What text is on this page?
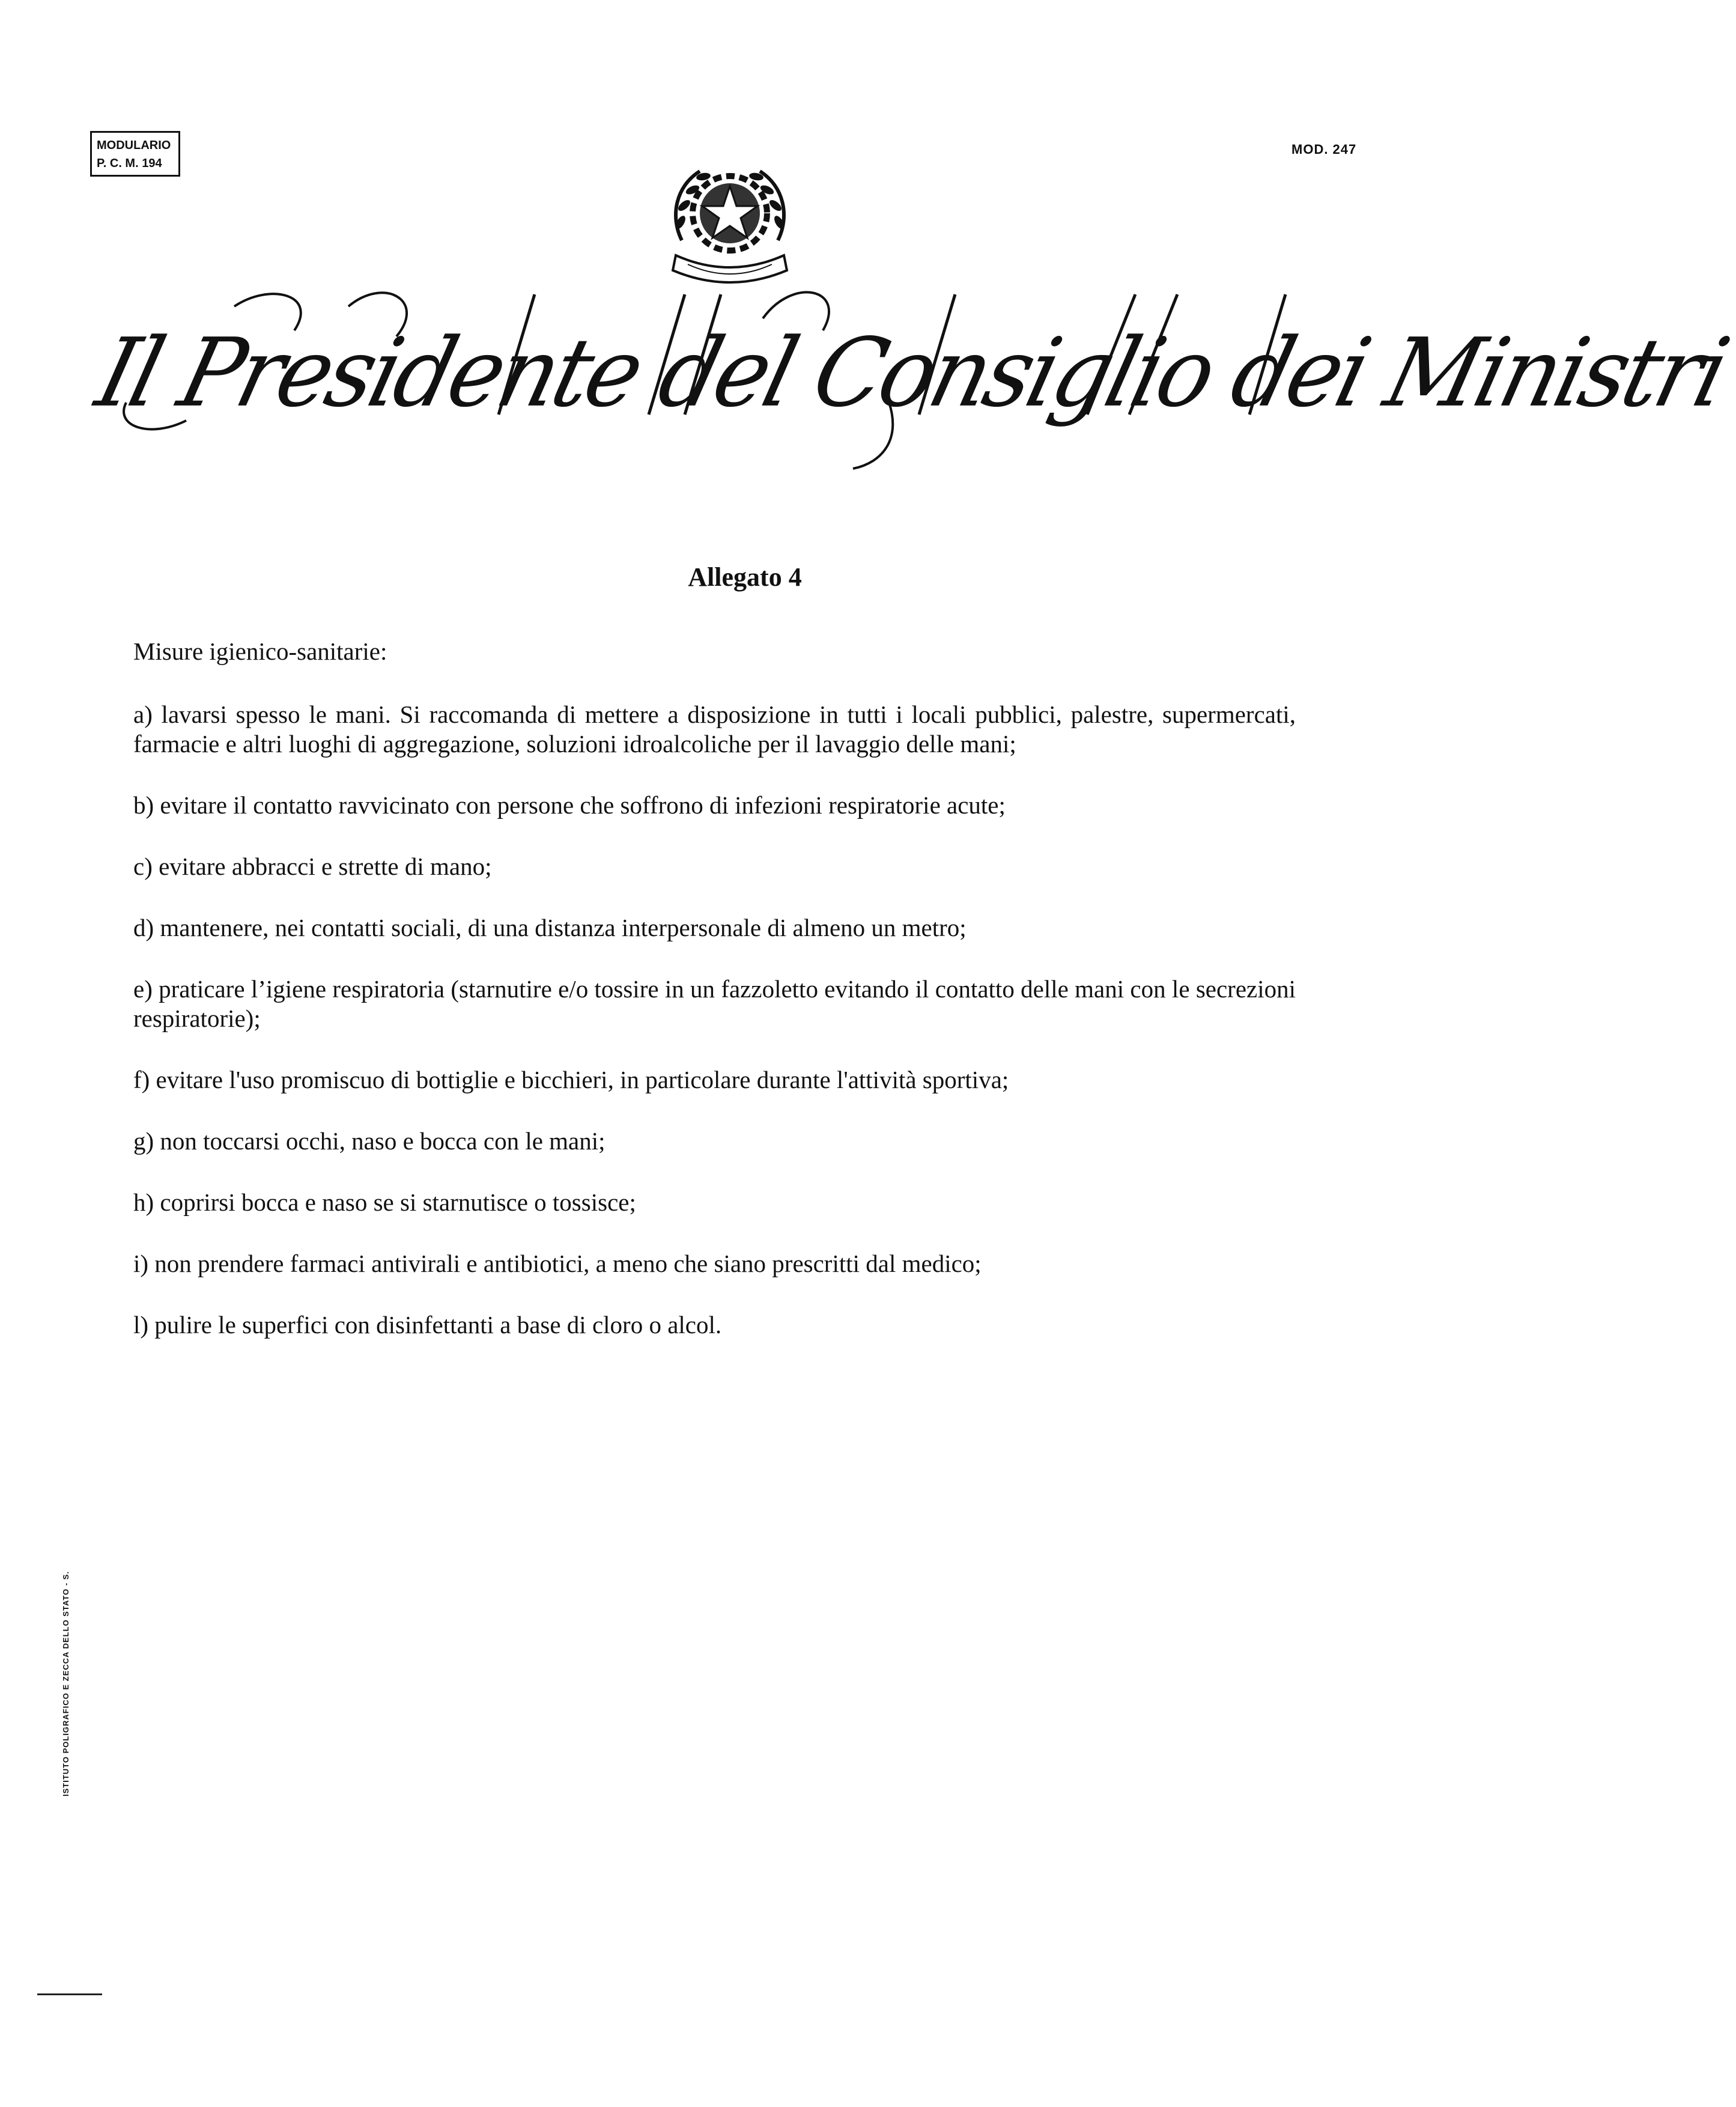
MODULARIO
P. C. M. 194
MOD. 247
Il Presidente del Consiglio dei Ministri
Allegato 4

Misure igienico-sanitarie:

a) lavarsi spesso le mani. Si raccomanda di mettere a disposizione in tutti i locali pubblici, palestre, supermercati, farmacie e altri luoghi di aggregazione, soluzioni idroalcoliche per il lavaggio delle mani;

b) evitare il contatto ravvicinato con persone che soffrono di infezioni respiratorie acute;

c) evitare abbracci e strette di mano;

d) mantenere, nei contatti sociali, di una distanza interpersonale di almeno un metro;

e) praticare l’igiene respiratoria (starnutire e/o tossire in un fazzoletto evitando il contatto delle mani con le secrezioni respiratorie);

f) evitare l'uso promiscuo di bottiglie e bicchieri, in particolare durante l'attività sportiva;

g) non toccarsi occhi, naso e bocca con le mani;

h) coprirsi bocca e naso se si starnutisce o tossisce;

i) non prendere farmaci antivirali e antibiotici, a meno che siano prescritti dal medico;

l) pulire le superfici con disinfettanti a base di cloro o alcol.

ISTITUTO POLIGRAFICO E ZECCA DELLO STATO - S.
